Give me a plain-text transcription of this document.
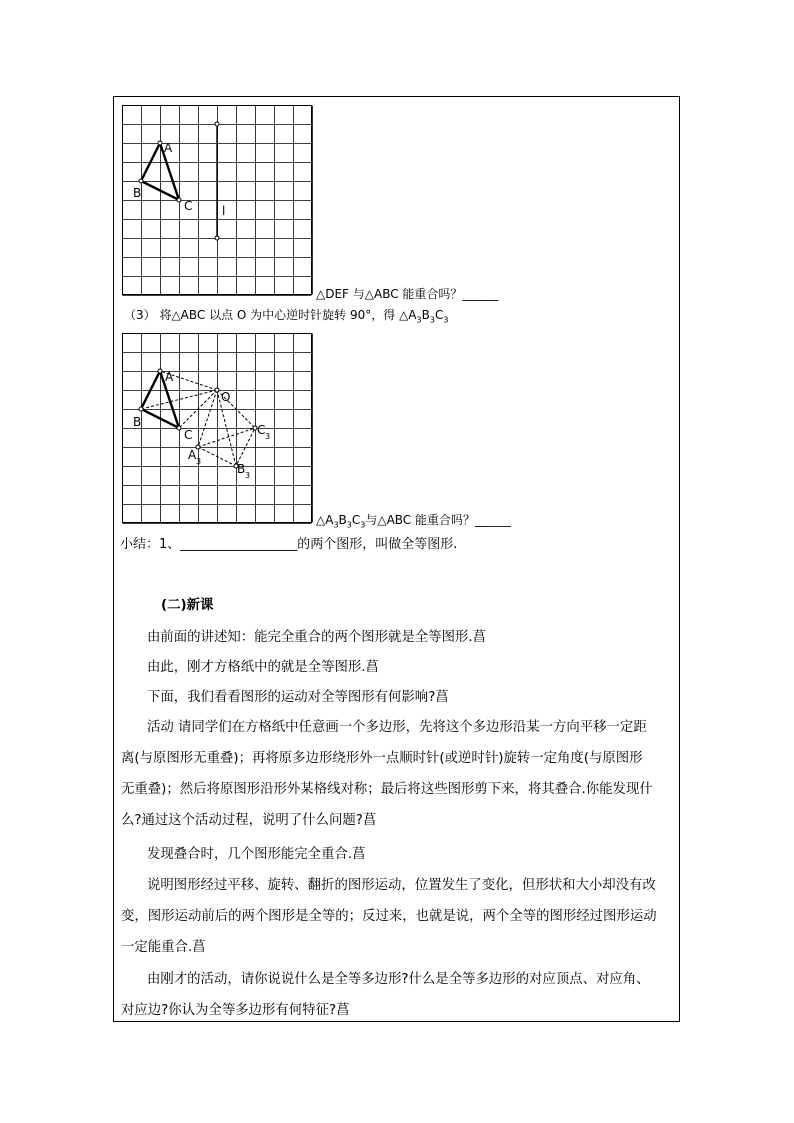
A
B
C l
△DEF 与△ABC 能重合吗？______
（3） 将△ABC 以点 O 为中心逆时针旋转 90°，得 $\triangle A_3B_3C_3$
A
B
C
O
A 3
B 3
C 3
$\triangle A_3B_3C_3$与△ABC 能重合吗？______
小结：1、__________________的两个图形，叫做全等图形.
(二)新课
由前面的讲述知：能完全重合的两个图形就是全等图形.菖
由此，刚才方格纸中的就是全等图形.菖
下面，我们看看图形的运动对全等图形有何影响?菖
活动 请同学们在方格纸中任意画一个多边形，先将这个多边形沿某一方向平移一定距
离(与原图形无重叠)；再将原多边形绕形外一点顺时针(或逆时针)旋转一定角度(与原图形
无重叠)；然后将原图形沿形外某格线对称；最后将这些图形剪下来，将其叠合.你能发现什
么?通过这个活动过程，说明了什么问题?菖
发现叠合时，几个图形能完全重合.菖
说明图形经过平移、旋转、翻折的图形运动，位置发生了变化，但形状和大小却没有改
变，图形运动前后的两个图形是全等的；反过来，也就是说，两个全等的图形经过图形运动
一定能重合.菖
由刚才的活动，请你说说什么是全等多边形?什么是全等多边形的对应顶点、对应角、
对应边?你认为全等多边形有何特征?菖
